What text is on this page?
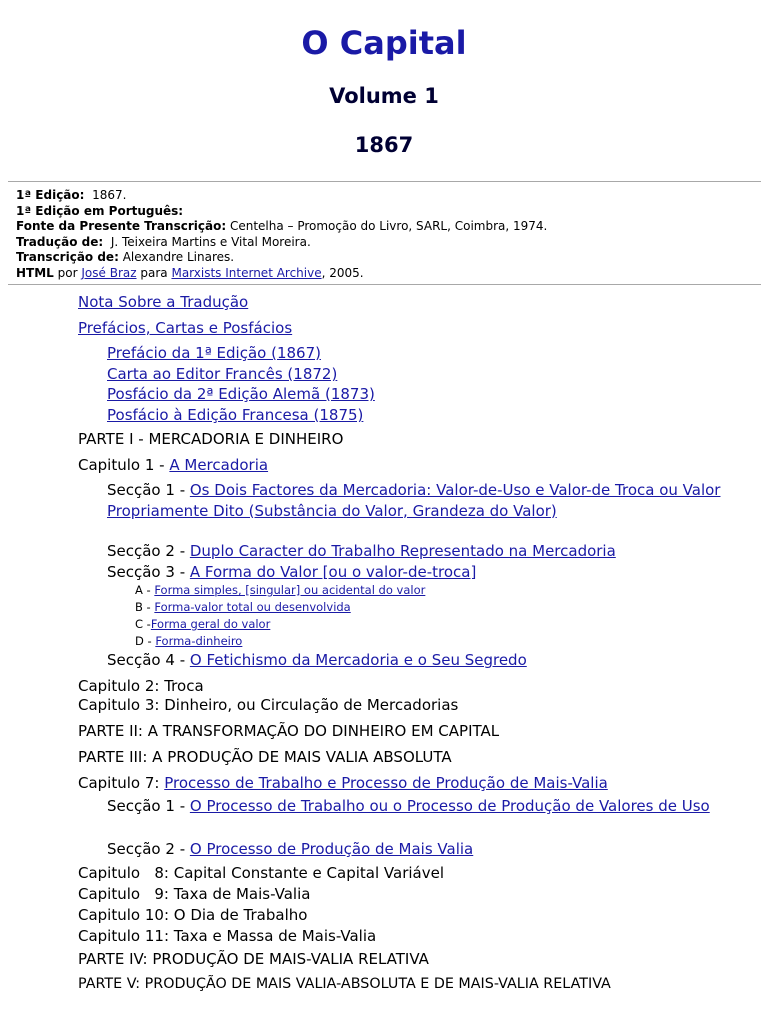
O Capital
Volume 1
1867
1ª Edição: 1867.
1ª Edição em Português:
Fonte da Presente Transcrição: Centelha – Promoção do Livro, SARL, Coimbra, 1974.
Tradução de: J. Teixeira Martins e Vital Moreira.
Transcrição de: Alexandre Linares.
HTML por José Braz para Marxists Internet Archive, 2005.
Nota Sobre a Tradução
Prefácios, Cartas e Posfácios
Prefácio da 1ª Edição (1867)
Carta ao Editor Francês (1872)
Posfácio da 2ª Edição Alemã (1873)
Posfácio à Edição Francesa (1875)
PARTE I - MERCADORIA E DINHEIRO
Capitulo 1 - A Mercadoria
Secção 1 - Os Dois Factores da Mercadoria: Valor-de-Uso e Valor-de Troca ou Valor Propriamente Dito (Substância do Valor, Grandeza do Valor)
Secção 2 - Duplo Caracter do Trabalho Representado na Mercadoria
Secção 3 - A Forma do Valor [ou o valor-de-troca]
A - Forma simples, [singular] ou acidental do valor
B - Forma-valor total ou desenvolvida
C -Forma geral do valor
D - Forma-dinheiro
Secção 4 - O Fetichismo da Mercadoria e o Seu Segredo
Capitulo 2: Troca
Capitulo 3: Dinheiro, ou Circulação de Mercadorias
PARTE II: A TRANSFORMAÇÃO DO DINHEIRO EM CAPITAL
PARTE III: A PRODUÇÃO DE MAIS VALIA ABSOLUTA
Capitulo 7: Processo de Trabalho e Processo de Produção de Mais-Valia
Secção 1 - O Processo de Trabalho ou o Processo de Produção de Valores de Uso
Secção 2 - O Processo de Produção de Mais Valia
Capitulo   8: Capital Constante e Capital Variável
Capitulo   9: Taxa de Mais-Valia
Capitulo 10: O Dia de Trabalho
Capitulo 11: Taxa e Massa de Mais-Valia
PARTE IV: PRODUÇÃO DE MAIS-VALIA RELATIVA
PARTE V: PRODUÇÃO DE MAIS VALIA-ABSOLUTA E DE MAIS-VALIA RELATIVA
